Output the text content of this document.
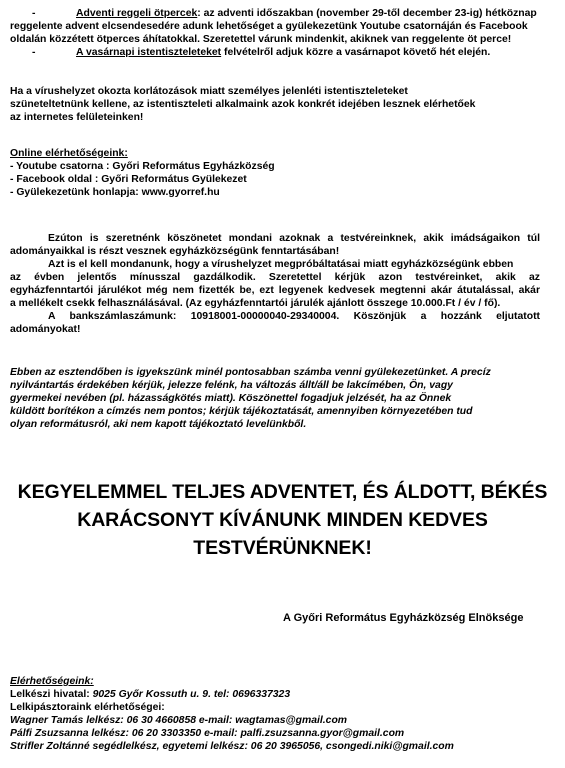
-	Adventi reggeli ötpercek: az adventi időszakban (november 29-től december 23-ig) hétköznap
reggelente advent elcsendesedére adunk lehetőséget a gyülekezetünk Youtube csatornáján és Facebook
oldalán közzétett ötperces áhítatokkal. Szeretettel várunk mindenkit, akiknek van reggelente öt perce!
-	A vasárnapi istentiszteleteket felvételről adjuk közre a vasárnapot követő hét elején.
Ha a vírushelyzet okozta korlátozások miatt személyes jelenléti istentiszteleteket
szüneteltetnünk kellene, az istentiszteleti alkalmaink azok konkrét idejében lesznek elérhetőek
az internetes felületeinken!
Online elérhetőségeink:
- Youtube csatorna : Győri Református Egyházközség
- Facebook oldal : Győri Református Gyülekezet
- Gyülekezetünk honlapja: www.gyorref.hu
Ezúton is szeretnénk köszönetet mondani azoknak a testvéreinknek, akik imádságaikon túl
adományaikkal is részt vesznek egyházközségünk fenntartásában!
Azt is el kell mondanunk, hogy a vírushelyzet megpróbáltatásai miatt egyházközségünk ebben
az évben jelentős mínusszal gazdálkodik. Szeretettel kérjük azon testvéreinket, akik az
egyházfenntartói járulékot még nem fizették be, ezt legyenek kedvesek megtenni akár átutalással, akár
a mellékelt csekk felhasználásával. (Az egyházfenntartói járulék ajánlott összege 10.000.Ft / év / fő).
A bankszámlaszámunk: 10918001-00000040-29340004. Köszönjük a hozzánk eljutatott
adományokat!
Ebben az esztendőben is igyekszünk minél pontosabban számba venni gyülekezetünket. A precíz
nyilvántartás érdekében kérjük, jelezze felénk, ha változás állt/áll be lakcímében, Ön, vagy
gyermekei nevében (pl. házasságkötés miatt). Köszönettel fogadjuk jelzését, ha az Önnek
küldött borítékon a címzés nem pontos; kérjük tájékoztatását, amennyiben környezetében tud
olyan reformátusról, aki nem kapott tájékoztató levelünkből.
KEGYELEMMEL TELJES ADVENTET, ÉS ÁLDOTT, BÉKÉS
KARÁCSONYT KÍVÁNUNK MINDEN KEDVES
TESTVÉRÜNKNEK!
A Győri Református Egyházközség Elnöksége
Elérhetőségeink:
Lelkészi hivatal: 9025 Győr Kossuth u. 9. tel: 0696337323
Lelkipásztoraink elérhetőségei:
Wagner Tamás lelkész: 06 30 4660858 e-mail: wagtamas@gmail.com
Pálfi Zsuzsanna lelkész: 06 20 3303350 e-mail: palfi.zsuzsanna.gyor@gmail.com
Strifler Zoltánné segédlelkész, egyetemi lelkész: 06 20 3965056, csongedi.niki@gmail.com
